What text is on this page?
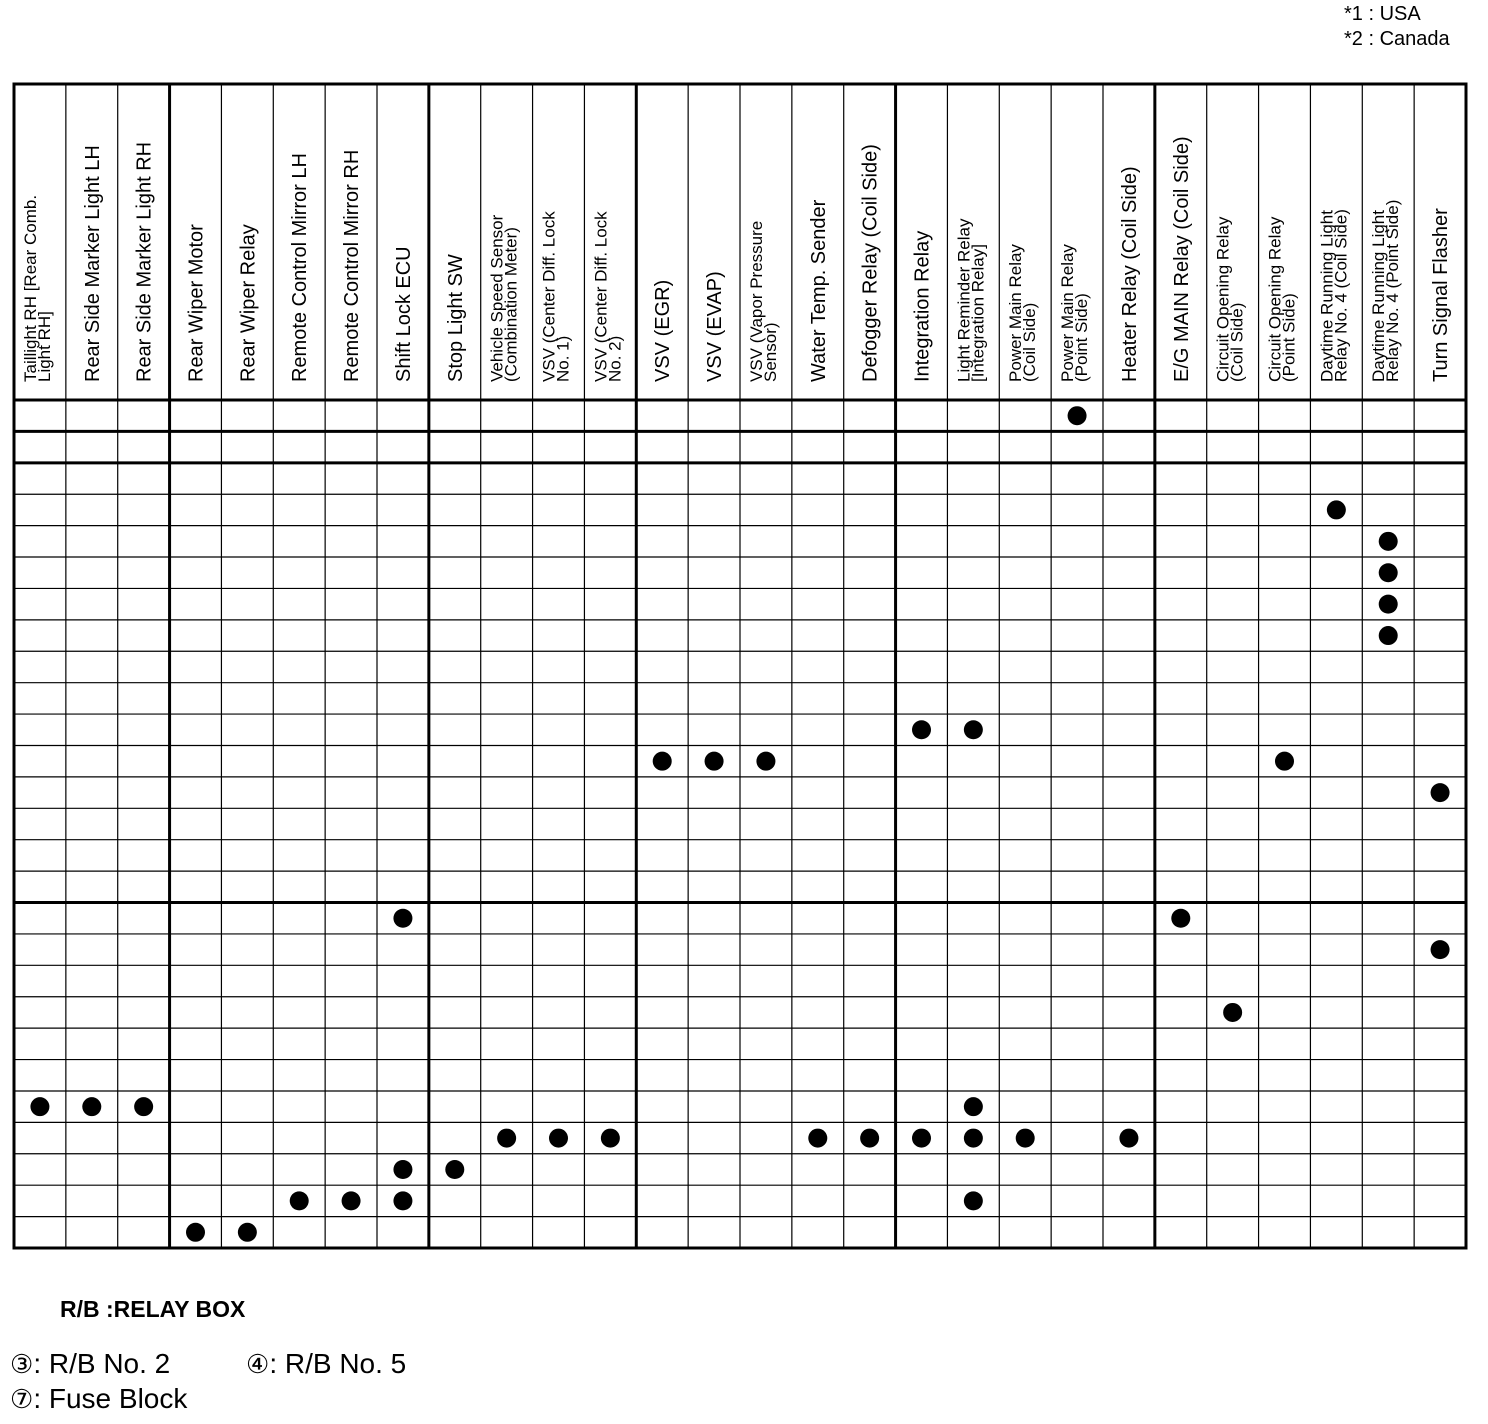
*1 : USA
*2 : Canada
Taillight RH [Rear Comb.
Light RH] Rear Side Marker Light LH Rear Side Marker Light RH Rear Wiper Motor Rear Wiper Relay Remote Control Mirror LH Remote Control Mirror RH Shift Lock ECU Stop Light SW Vehicle Speed Sensor
(Combination Meter) VSV (Center Diff. Lock
No. 1) VSV (Center Diff. Lock
No. 2) VSV (EGR) VSV (EVAP) VSV (Vapor Pressure
Sensor) Water Temp. Sender Defogger Relay (Coil Side) Integration Relay Light Reminder Relay
[Integration Relay] Power Main Relay
(Coil Side) Power Main Relay
(Point Side) Heater Relay (Coil Side) E/G MAIN Relay (Coil Side) Circuit Opening Relay
(Coil Side) Circuit Opening Relay
(Point Side) Daytime Running Light
Relay No. 4 (Coil Side) Daytime Running Light
Relay No. 4 (Point Side) Turn Signal Flasher
R/B :RELAY BOX
③: R/B No. 2	④: R/B No. 5
⑦: Fuse Block
